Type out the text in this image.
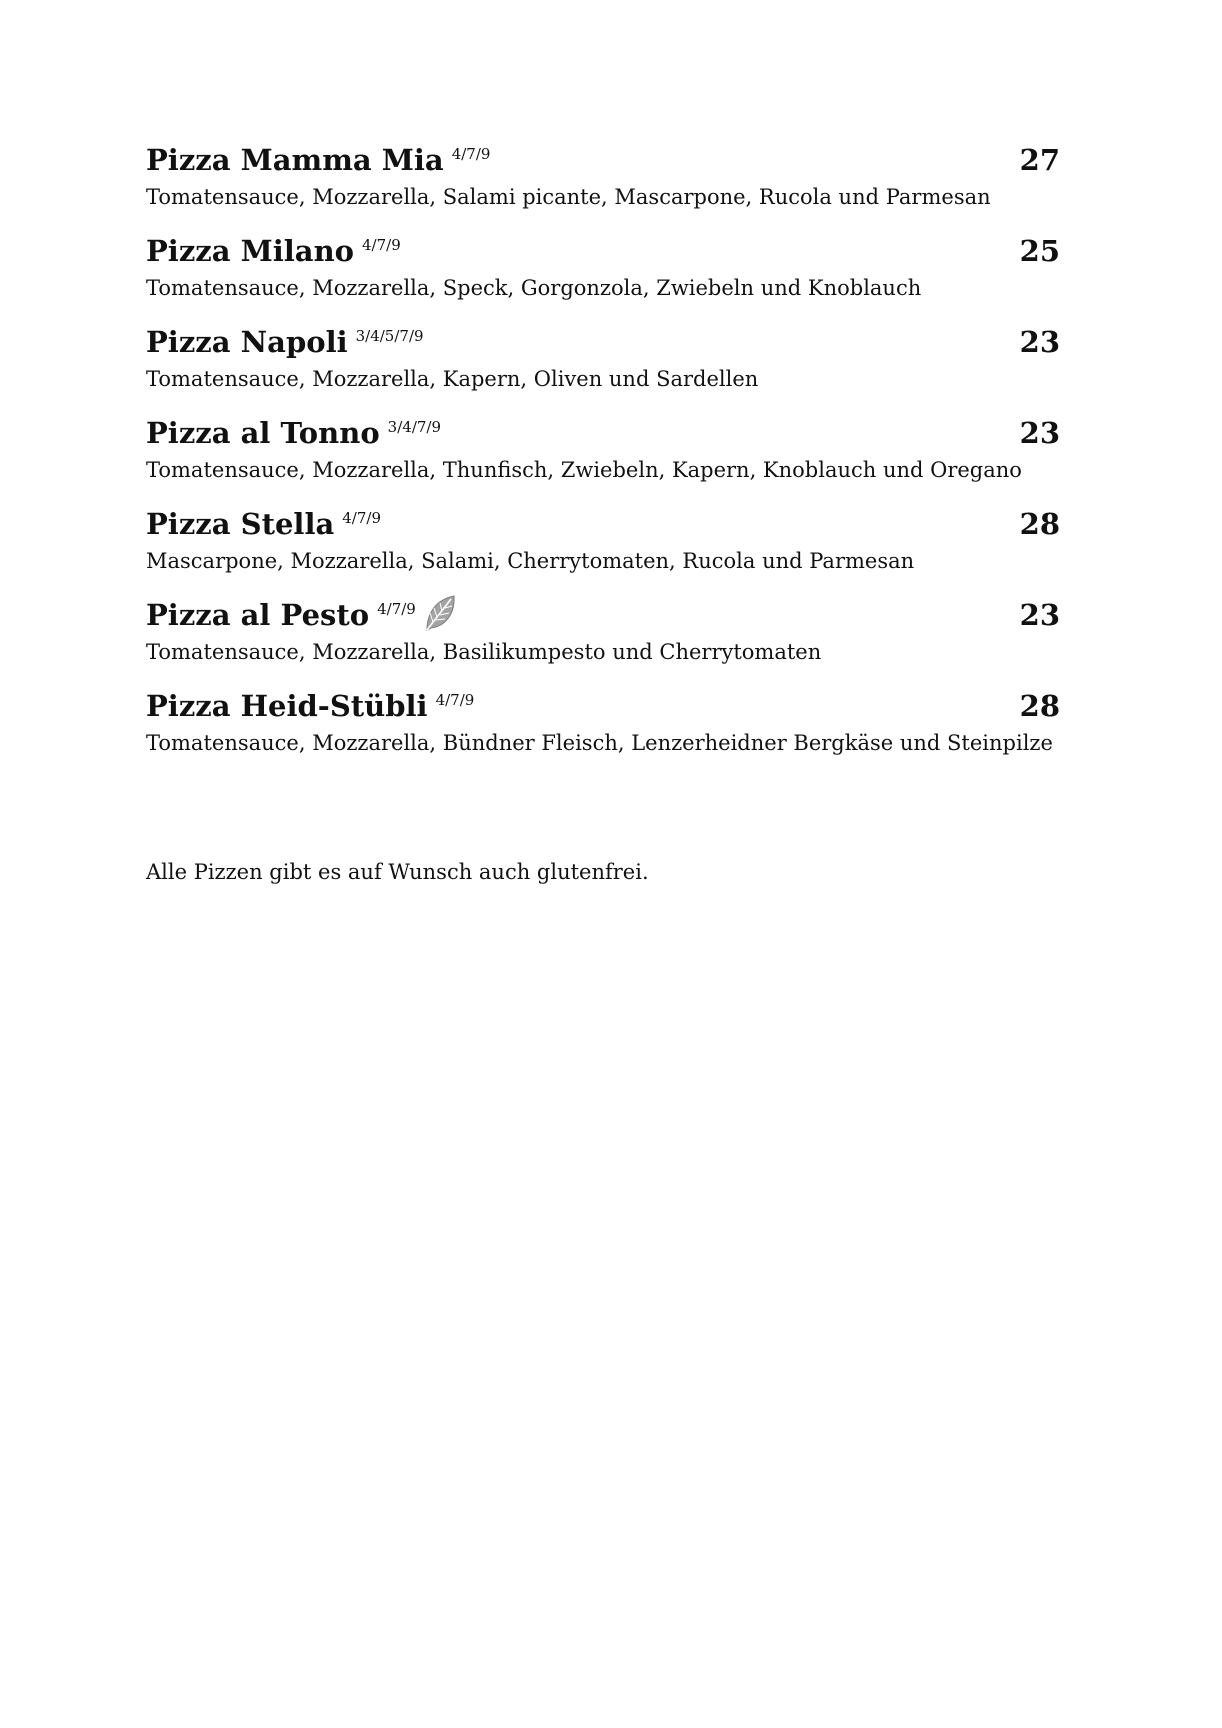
Pizza Mamma Mia 4/7/9	27
Tomatensauce, Mozzarella, Salami picante, Mascarpone, Rucola und Parmesan
Pizza Milano 4/7/9	25
Tomatensauce, Mozzarella, Speck, Gorgonzola, Zwiebeln und Knoblauch
Pizza Napoli 3/4/5/7/9	23
Tomatensauce, Mozzarella, Kapern, Oliven und Sardellen
Pizza al Tonno 3/4/7/9	23
Tomatensauce, Mozzarella, Thunfisch, Zwiebeln, Kapern, Knoblauch und Oregano
Pizza Stella 4/7/9	28
Mascarpone, Mozzarella, Salami, Cherrytomaten, Rucola und Parmesan
Pizza al Pesto 4/7/9	23
Tomatensauce, Mozzarella, Basilikumpesto und Cherrytomaten
Pizza Heid-Stübli 4/7/9	28
Tomatensauce, Mozzarella, Bündner Fleisch, Lenzerheidner Bergkäse und Steinpilze
Alle Pizzen gibt es auf Wunsch auch glutenfrei.
